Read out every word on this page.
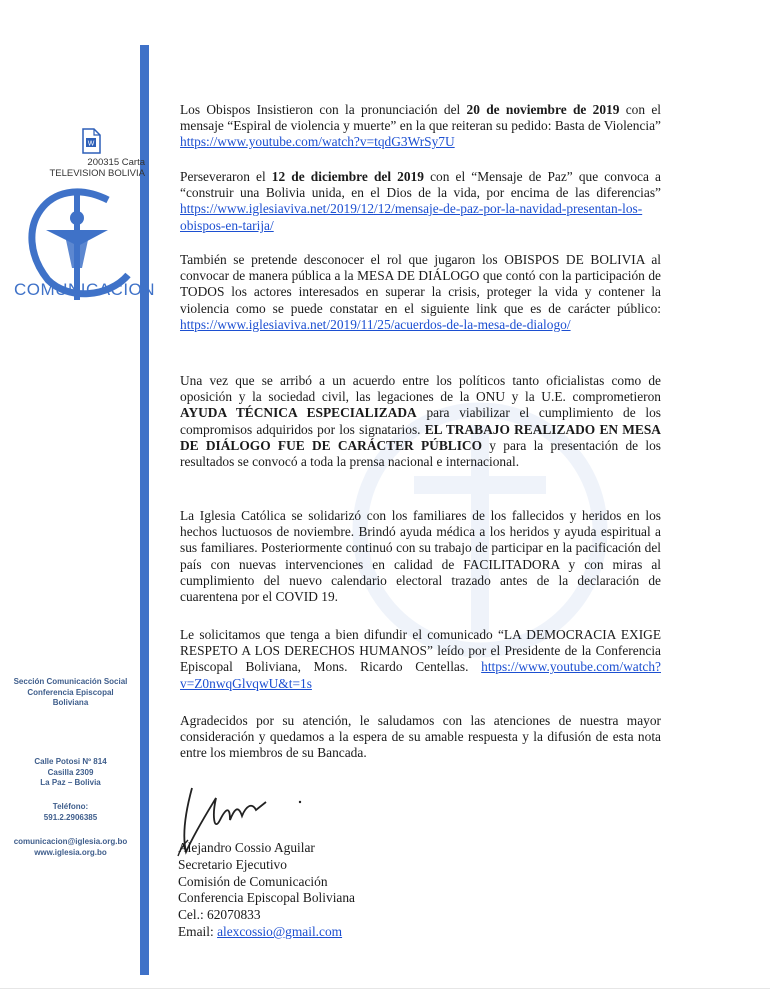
W
200315 Carta
TELEVISION BOLIVIA
COMUNICACION
Sección Comunicación Social
Conferencia Episcopal
Boliviana
Calle Potosi Nº 814
Casilla 2309
La Paz – Bolivia
Teléfono:
591.2.2906385
comunicacion@iglesia.org.bo
www.iglesia.org.bo

Los Obispos Insistieron con la pronunciación del 20 de noviembre de 2019 con el mensaje “Espiral de violencia y muerte” en la que reiteran su pedido: Basta de Violencia” https://www.youtube.com/watch?v=tqdG3WrSy7U

Perseveraron el 12 de diciembre del 2019 con el “Mensaje de Paz” que convoca a “construir una Bolivia unida, en el Dios de la vida, por encima de las diferencias” https://www.iglesiaviva.net/2019/12/12/mensaje-de-paz-por-la-navidad-presentan-los-obispos-en-tarija/

También se pretende desconocer el rol que jugaron los OBISPOS DE BOLIVIA al convocar de manera pública a la MESA DE DIÁLOGO que contó con la participación de TODOS los actores interesados en superar la crisis, proteger la vida y contener la violencia como se puede constatar en el siguiente link que es de carácter público: https://www.iglesiaviva.net/2019/11/25/acuerdos-de-la-mesa-de-dialogo/

Una vez que se arribó a un acuerdo entre los políticos tanto oficialistas como de oposición y la sociedad civil, las legaciones de la ONU y la U.E. comprometieron AYUDA TÉCNICA ESPECIALIZADA para viabilizar el cumplimiento de los compromisos adquiridos por los signatarios. EL TRABAJO REALIZADO EN MESA DE DIÁLOGO FUE DE CARÁCTER PÚBLICO y para la presentación de los resultados se convocó a toda la prensa nacional e internacional.

La Iglesia Católica se solidarizó con los familiares de los fallecidos y heridos en los hechos luctuosos de noviembre. Brindó ayuda médica a los heridos y ayuda espiritual a sus familiares. Posteriormente continuó con su trabajo de participar en la pacificación del país con nuevas intervenciones en calidad de FACILITADORA y con miras al cumplimiento del nuevo calendario electoral trazado antes de la declaración de cuarentena por el COVID 19.

Le solicitamos que tenga a bien difundir el comunicado “LA DEMOCRACIA EXIGE RESPETO A LOS DERECHOS HUMANOS” leído por el Presidente de la Conferencia Episcopal Boliviana, Mons. Ricardo Centellas. https://www.youtube.com/watch?v=Z0nwqGlvqwU&t=1s

Agradecidos por su atención, le saludamos con las atenciones de nuestra mayor consideración y quedamos a la espera de su amable respuesta y la difusión de esta nota entre los miembros de su Bancada.

Alejandro Cossio Aguilar
Secretario Ejecutivo
Comisión de Comunicación
Conferencia Episcopal Boliviana
Cel.: 62070833
Email: alexcossio@gmail.com
